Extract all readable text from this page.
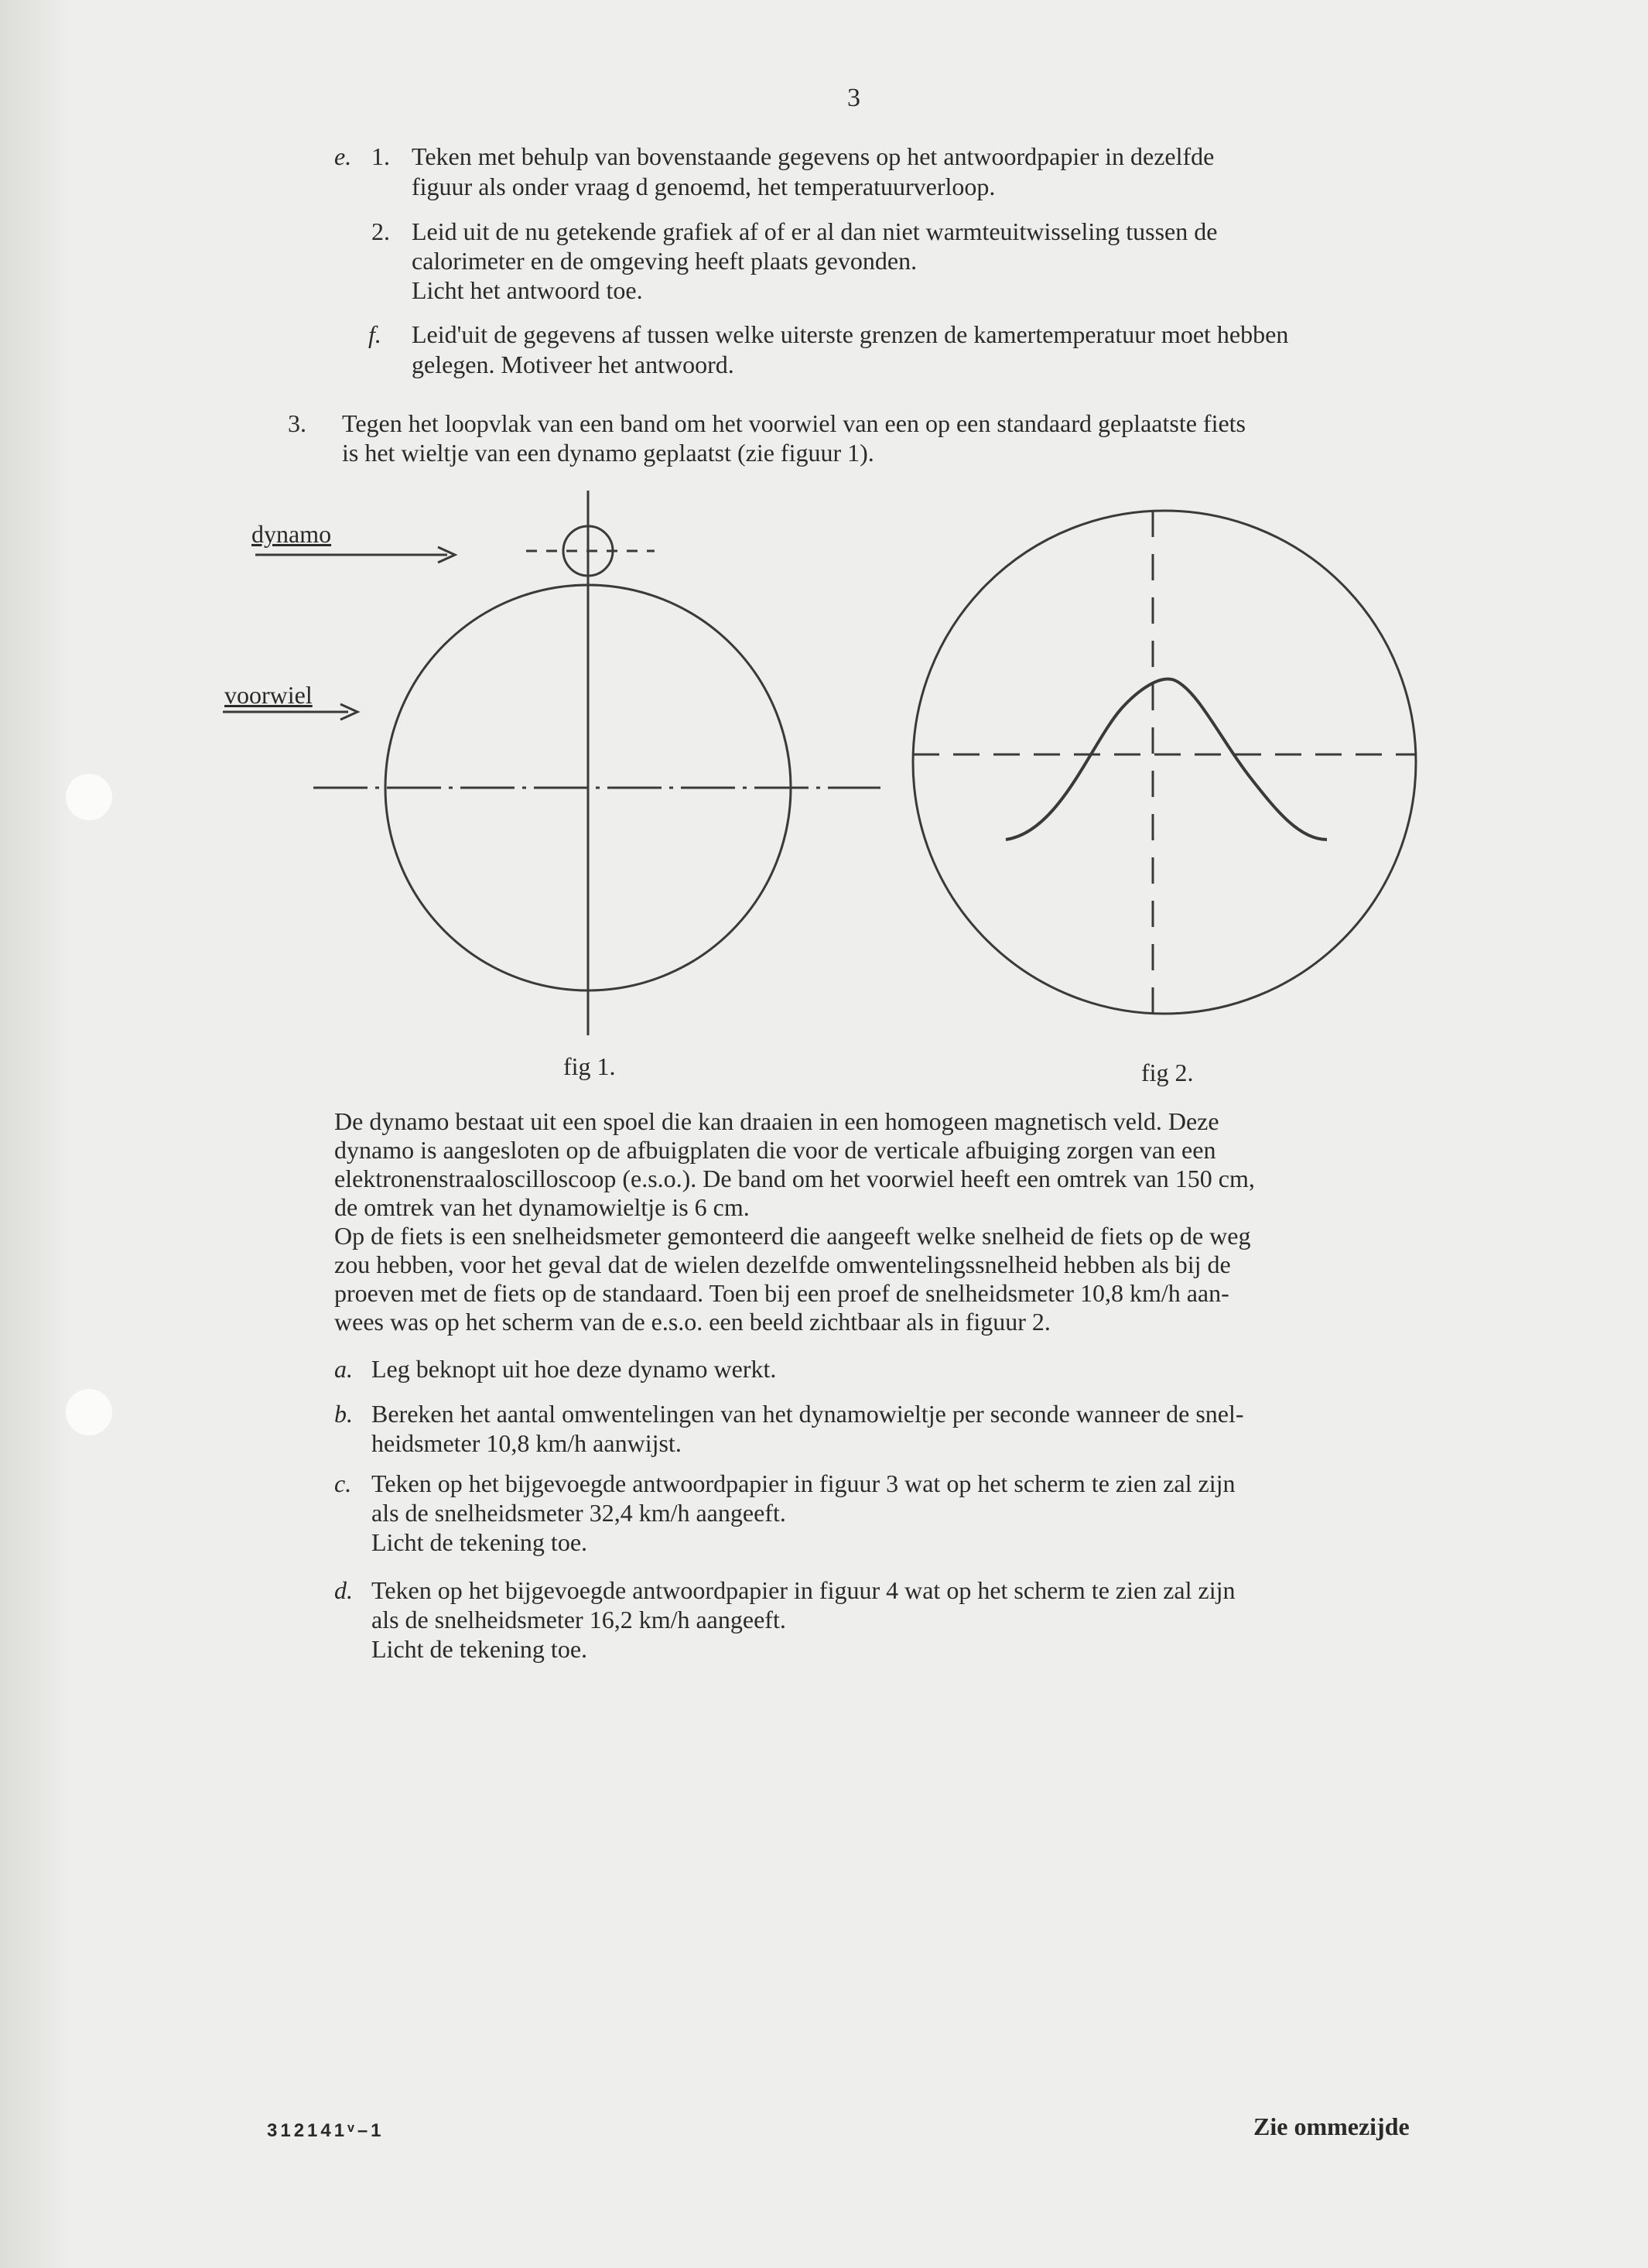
3
e. 1. Teken met behulp van bovenstaande gegevens op het antwoordpapier in dezelfde
figuur als onder vraag d genoemd, het temperatuurverloop.
2. Leid uit de nu getekende grafiek af of er al dan niet warmteuitwisseling tussen de
calorimeter en de omgeving heeft plaats gevonden.
Licht het antwoord toe.
f. Leid'uit de gegevens af tussen welke uiterste grenzen de kamertemperatuur moet hebben
gelegen. Motiveer het antwoord.
3. Tegen het loopvlak van een band om het voorwiel van een op een standaard geplaatste fiets
is het wieltje van een dynamo geplaatst (zie figuur 1).
dynamo
voorwiel
fig 1.	fig 2.
De dynamo bestaat uit een spoel die kan draaien in een homogeen magnetisch veld. Deze
dynamo is aangesloten op de afbuigplaten die voor de verticale afbuiging zorgen van een
elektronenstraaloscilloscoop (e.s.o.). De band om het voorwiel heeft een omtrek van 150 cm,
de omtrek van het dynamowieltje is 6 cm.
Op de fiets is een snelheidsmeter gemonteerd die aangeeft welke snelheid de fiets op de weg
zou hebben, voor het geval dat de wielen dezelfde omwentelingssnelheid hebben als bij de
proeven met de fiets op de standaard. Toen bij een proef de snelheidsmeter 10,8 km/h aan-
wees was op het scherm van de e.s.o. een beeld zichtbaar als in figuur 2.
a. Leg beknopt uit hoe deze dynamo werkt.
b. Bereken het aantal omwentelingen van het dynamowieltje per seconde wanneer de snel-
heidsmeter 10,8 km/h aanwijst.
c. Teken op het bijgevoegde antwoordpapier in figuur 3 wat op het scherm te zien zal zijn
als de snelheidsmeter 32,4 km/h aangeeft.
Licht de tekening toe.
d. Teken op het bijgevoegde antwoordpapier in figuur 4 wat op het scherm te zien zal zijn
als de snelheidsmeter 16,2 km/h aangeeft.
Licht de tekening toe.
312141ᵛ–1	Zie ommezijde
